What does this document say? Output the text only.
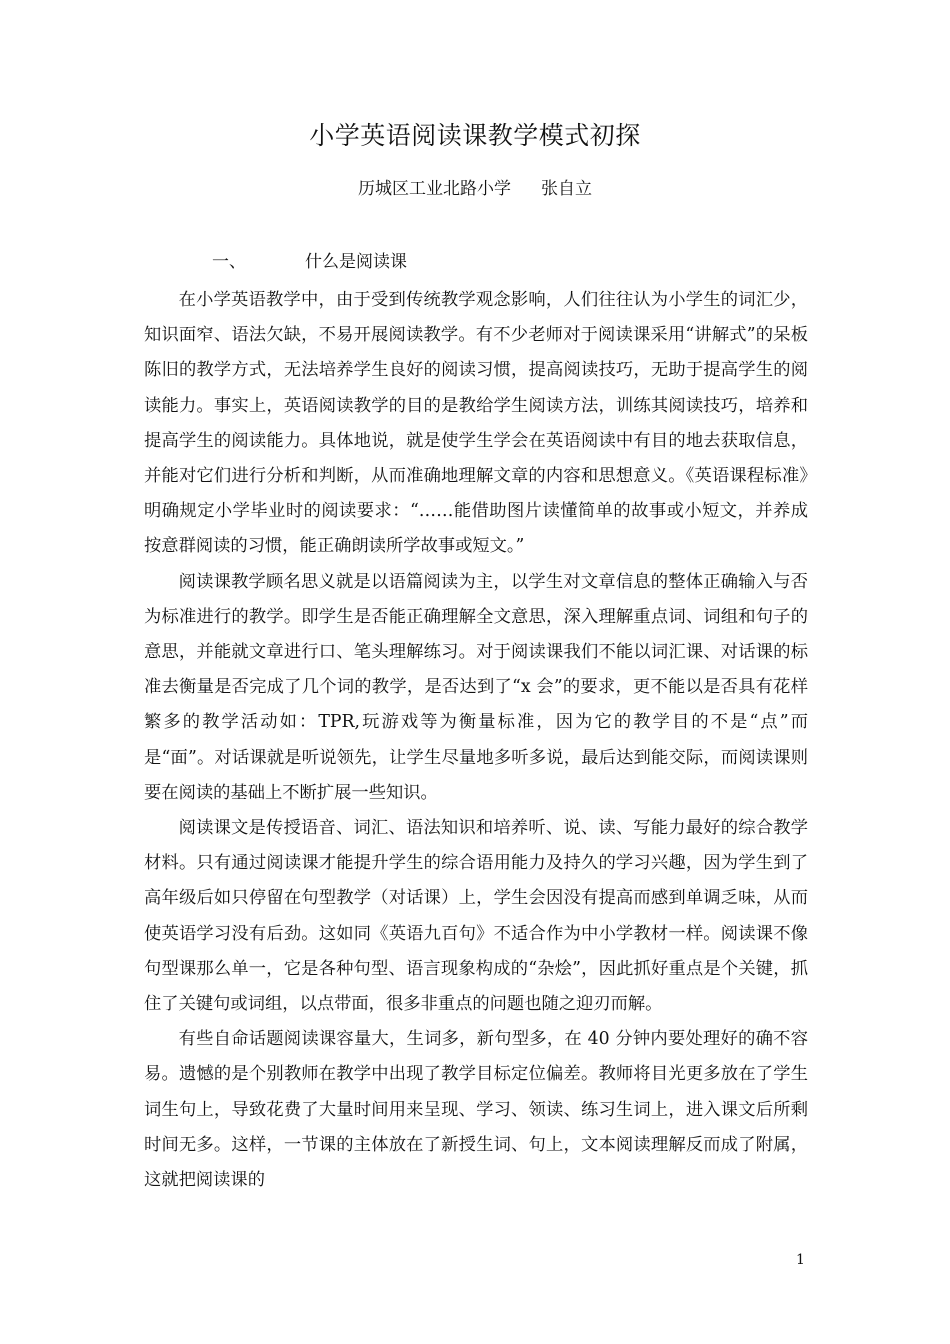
小学英语阅读课教学模式初探
历城区工业北路小学 张自立
一、	什么是阅读课

在小学英语教学中，由于受到传统教学观念影响，人们往往认为小学生的词汇少，知识面窄、语法欠缺，不易开展阅读教学。有不少老师对于阅读课采用“讲解式”的呆板陈旧的教学方式，无法培养学生良好的阅读习惯，提高阅读技巧，无助于提高学生的阅读能力。事实上，英语阅读教学的目的是教给学生阅读方法，训练其阅读技巧，培养和提高学生的阅读能力。具体地说，就是使学生学会在英语阅读中有目的地去获取信息，并能对它们进行分析和判断，从而准确地理解文章的内容和思想意义。《英语课程标准》明确规定小学毕业时的阅读要求：“……能借助图片读懂简单的故事或小短文，并养成按意群阅读的习惯，能正确朗读所学故事或短文。”

阅读课教学顾名思义就是以语篇阅读为主，以学生对文章信息的整体正确输入与否为标准进行的教学。即学生是否能正确理解全文意思，深入理解重点词、词组和句子的意思，并能就文章进行口、笔头理解练习。对于阅读课我们不能以词汇课、对话课的标准去衡量是否完成了几个词的教学，是否达到了“x 会”的要求，更不能以是否具有花样繁多的教学活动如：TPR,玩游戏等为衡量标准，因为它的教学目的不是“点”而是“面”。对话课就是听说领先，让学生尽量地多听多说，最后达到能交际，而阅读课则要在阅读的基础上不断扩展一些知识。

阅读课文是传授语音、词汇、语法知识和培养听、说、读、写能力最好的综合教学材料。只有通过阅读课才能提升学生的综合语用能力及持久的学习兴趣，因为学生到了高年级后如只停留在句型教学（对话课）上，学生会因没有提高而感到单调乏味，从而使英语学习没有后劲。这如同《英语九百句》不适合作为中小学教材一样。阅读课不像句型课那么单一，它是各种句型、语言现象构成的“杂烩”，因此抓好重点是个关键，抓住了关键句或词组，以点带面，很多非重点的问题也随之迎刃而解。

有些自命话题阅读课容量大，生词多，新句型多，在 40 分钟内要处理好的确不容易。遗憾的是个别教师在教学中出现了教学目标定位偏差。教师将目光更多放在了学生词生句上，导致花费了大量时间用来呈现、学习、领读、练习生词上，进入课文后所剩时间无多。这样，一节课的主体放在了新授生词、句上，文本阅读理解反而成了附属，这就把阅读课的

1
